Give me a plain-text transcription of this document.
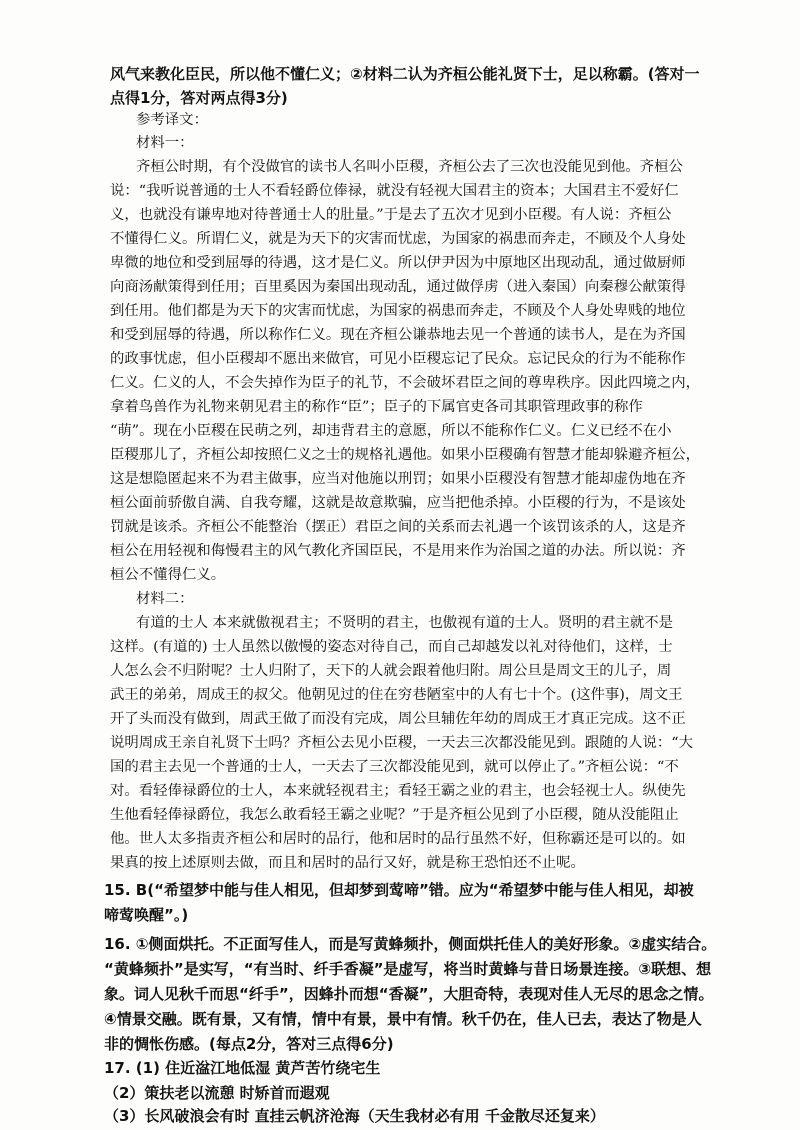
风气来教化臣民，所以他不懂仁义；②材料二认为齐桓公能礼贤下士，足以称霸。(答对一
点得1分，答对两点得3分)
参考译文：
材料一：
齐桓公时期，有个没做官的读书人名叫小臣稷，齐桓公去了三次也没能见到他。齐桓公
说：“我听说普通的士人不看轻爵位俸禄，就没有轻视大国君主的资本；大国君主不爱好仁
义，也就没有谦卑地对待普通士人的肚量。”于是去了五次才见到小臣稷。有人说：齐桓公
不懂得仁义。所谓仁义，就是为天下的灾害而忧虑，为国家的祸患而奔走，不顾及个人身处
卑微的地位和受到屈辱的待遇，这才是仁义。所以伊尹因为中原地区出现动乱，通过做厨师
向商汤献策得到任用；百里奚因为秦国出现动乱，通过做俘虏（进入秦国）向秦穆公献策得
到任用。他们都是为天下的灾害而忧虑，为国家的祸患而奔走，不顾及个人身处卑贱的地位
和受到屈辱的待遇，所以称作仁义。现在齐桓公谦恭地去见一个普通的读书人，是在为齐国
的政事忧虑，但小臣稷却不愿出来做官，可见小臣稷忘记了民众。忘记民众的行为不能称作
仁义。仁义的人，不会失掉作为臣子的礼节，不会破坏君臣之间的尊卑秩序。因此四境之内，
拿着鸟兽作为礼物来朝见君主的称作“臣”；臣子的下属官吏各司其职管理政事的称作
“萌”。现在小臣稷在民萌之列，却违背君主的意愿，所以不能称作仁义。仁义已经不在小
臣稷那儿了，齐桓公却按照仁义之士的规格礼遇他。如果小臣稷确有智慧才能却躲避齐桓公，
这是想隐匿起来不为君主做事，应当对他施以刑罚；如果小臣稷没有智慧才能却虚伪地在齐
桓公面前骄傲自满、自我夸耀，这就是故意欺骗，应当把他杀掉。小臣稷的行为，不是该处
罚就是该杀。齐桓公不能整治（摆正）君臣之间的关系而去礼遇一个该罚该杀的人，这是齐
桓公在用轻视和侮慢君主的风气教化齐国臣民，不是用来作为治国之道的办法。所以说：齐
桓公不懂得仁义。
材料二：
有道的士人 本来就傲视君主；不贤明的君主，也傲视有道的士人。贤明的君主就不是
这样。(有道的) 士人虽然以傲慢的姿态对待自己，而自己却越发以礼对待他们，这样，士
人怎么会不归附呢？士人归附了，天下的人就会跟着他归附。周公旦是周文王的儿子，周
武王的弟弟，周成王的叔父。他朝见过的住在穷巷陋室中的人有七十个。(这件事)，周文王
开了头而没有做到，周武王做了而没有完成，周公旦辅佐年幼的周成王才真正完成。这不正
说明周成王亲自礼贤下士吗？齐桓公去见小臣稷，一天去三次都没能见到。跟随的人说：“大
国的君主去见一个普通的士人，一天去了三次都没能见到，就可以停止了。”齐桓公说：“不
对。看轻俸禄爵位的士人，本来就轻视君主；看轻王霸之业的君主，也会轻视士人。纵使先
生他看轻俸禄爵位，我怎么敢看轻王霸之业呢？”于是齐桓公见到了小臣稷，随从没能阻止
他。世人太多指责齐桓公和居时的品行，他和居时的品行虽然不好，但称霸还是可以的。如
果真的按上述原则去做，而且和居时的品行又好，就是称王恐怕还不止呢。
15. B(“希望梦中能与佳人相见，但却梦到莺啼”错。应为“希望梦中能与佳人相见，却被
啼莺唤醒”。)
16. ①侧面烘托。不正面写佳人，而是写黄蜂频扑，侧面烘托佳人的美好形象。②虚实结合。
“黄蜂频扑”是实写，“有当时、纤手香凝”是虚写，将当时黄蜂与昔日场景连接。③联想、想
象。词人见秋千而思“纤手”，因蜂扑而想“香凝”，大胆奇特，表现对佳人无尽的思念之情。
④情景交融。既有景，又有情，情中有景，景中有情。秋千仍在，佳人已去，表达了物是人
非的惆怅伤感。(每点2分，答对三点得6分)
17. (1) 住近湓江地低湿 黄芦苦竹绕宅生
（2）策扶老以流憩 时矫首而遐观
（3）长风破浪会有时 直挂云帆济沧海（天生我材必有用 千金散尽还复来）
